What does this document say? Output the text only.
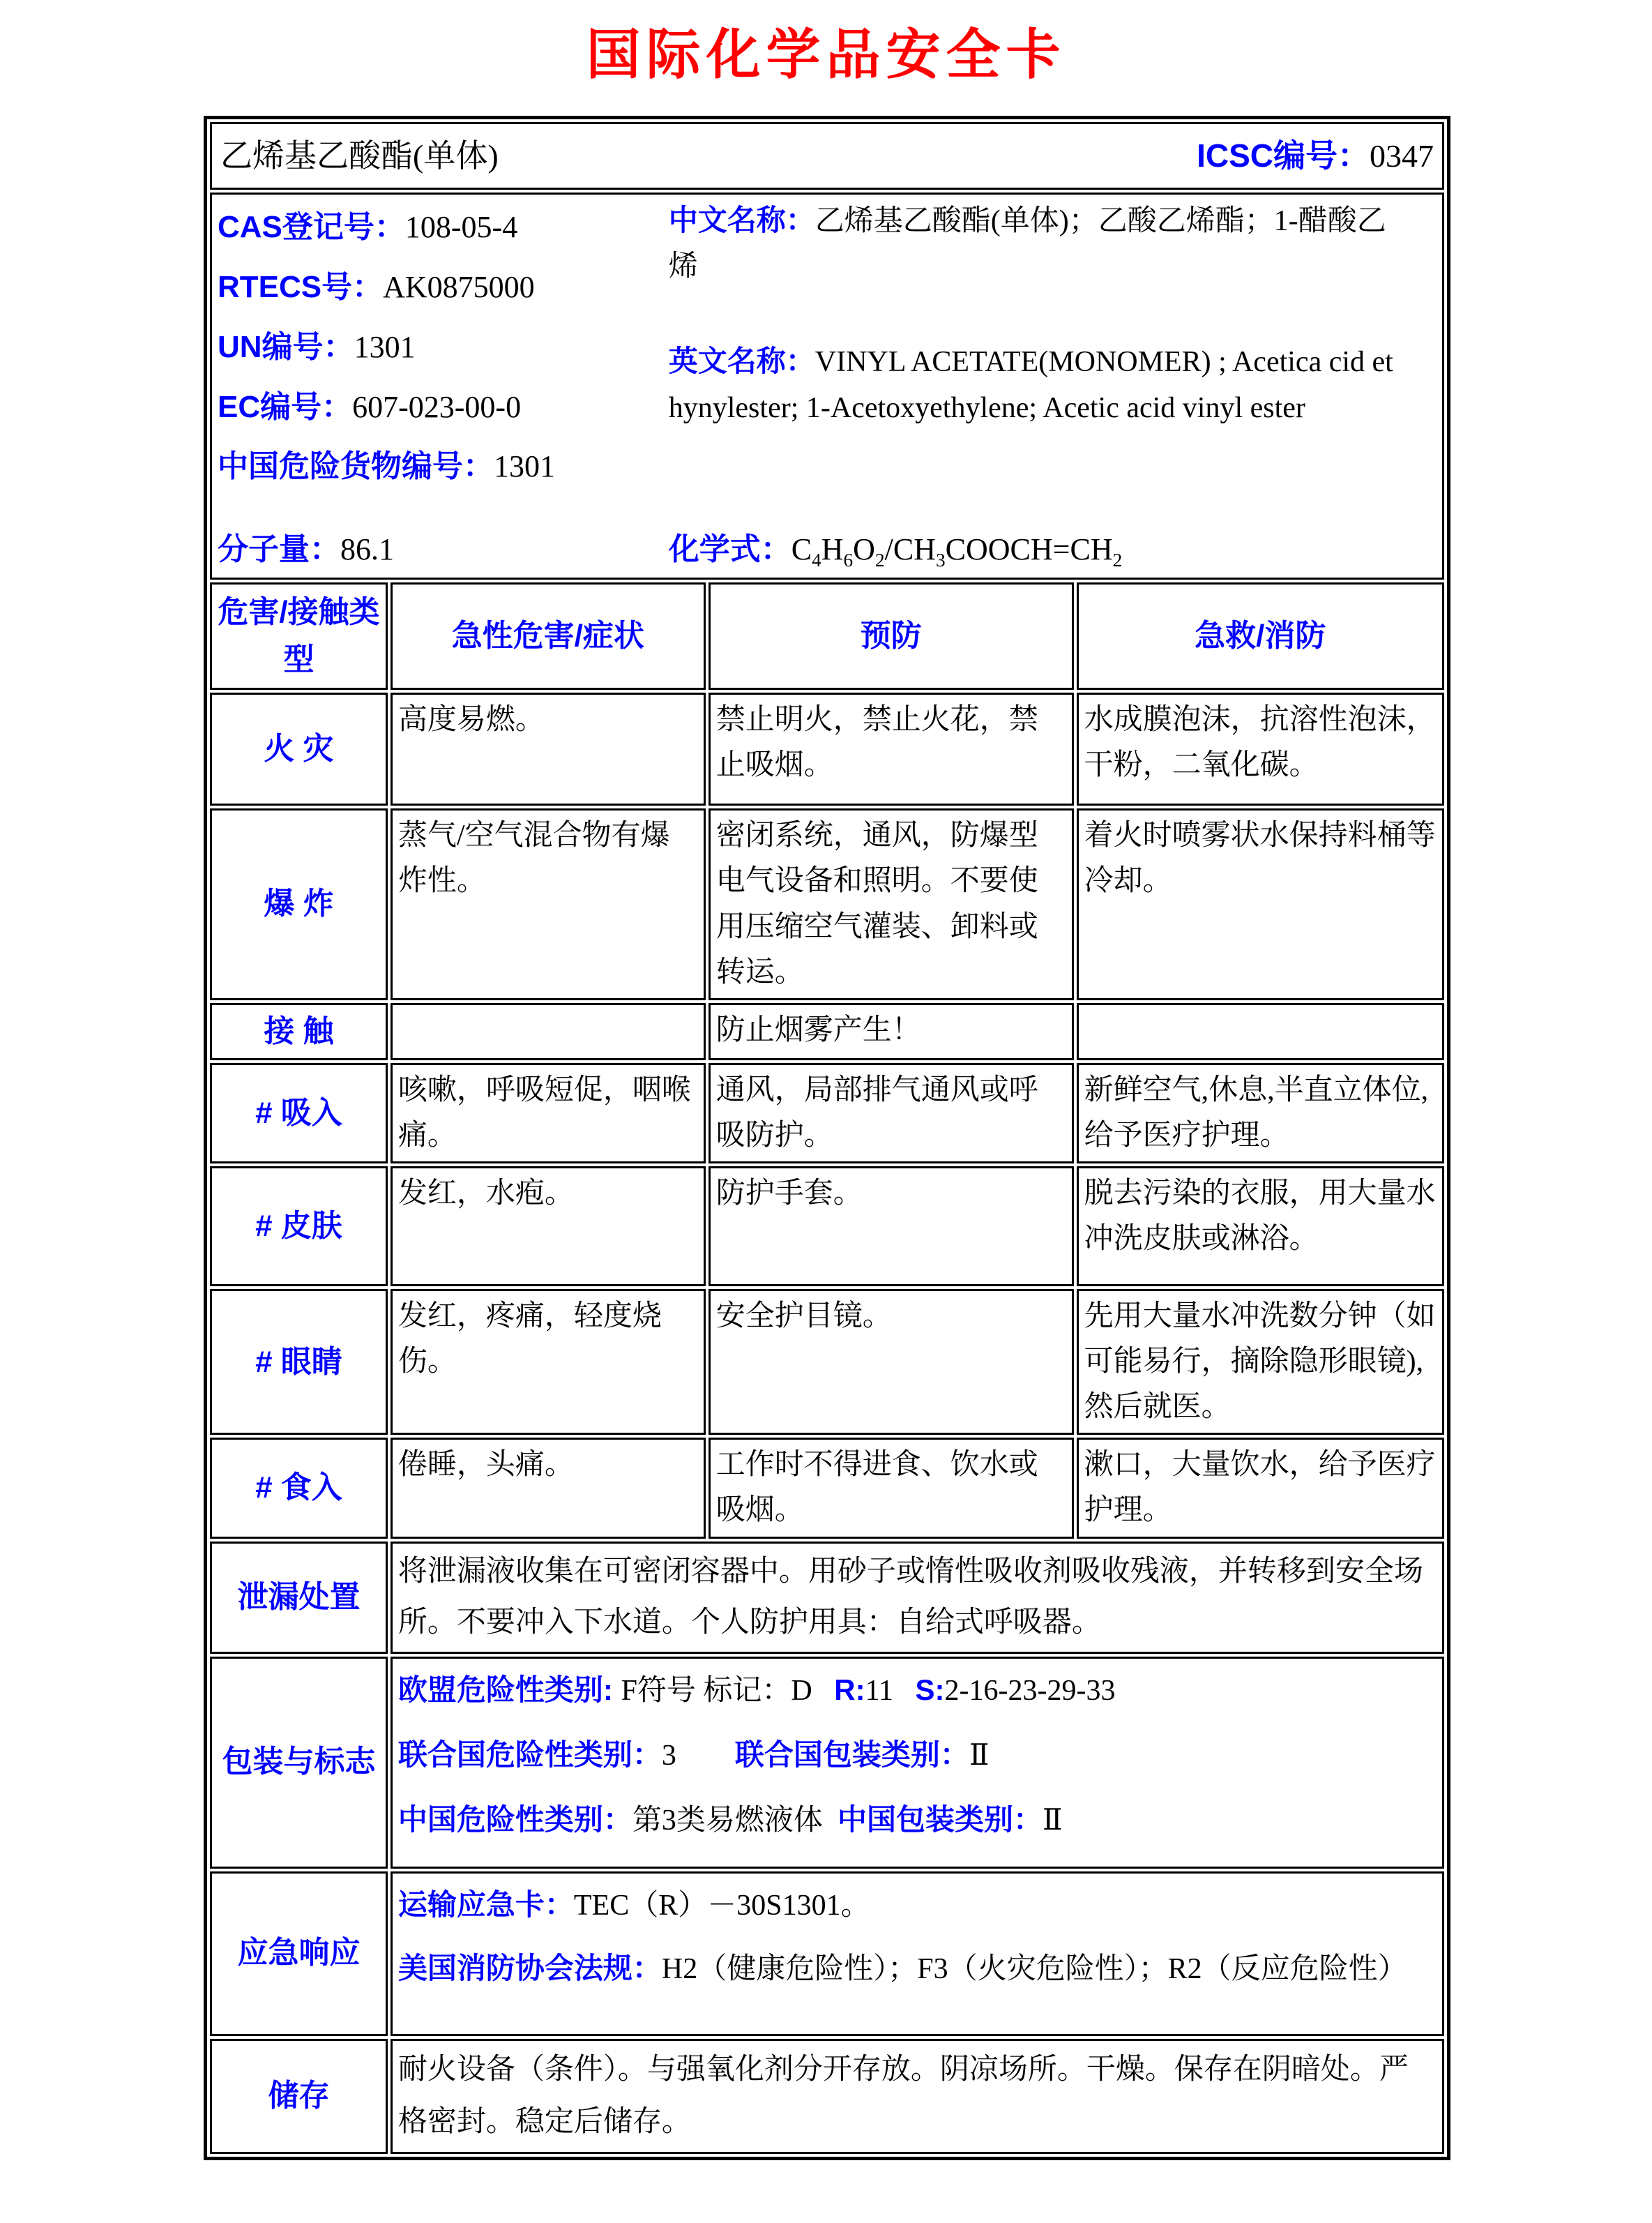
国际化学品安全卡
乙烯基乙酸酯(单体) ICSC编号：0347			

CAS登记号：108-05-4
RTECS号：AK0875000
UN编号：1301
EC编号：607-023-00-0
中国危险货物编号：1301
中文名称：乙烯基乙酸酯(单体)；乙酸乙烯酯；1-醋酸乙烯
英文名称：VINYL ACETATE(MONOMER) ; Acetica cid ethynylester; 1-Acetoxyethylene; Acetic acid vinyl ester
分子量：86.1	化学式：$C_4H_6O_2/CH_3COOCH=CH_2$

危害/接触类型	急性危害/症状	预防	急救/消防
火 灾	高度易燃。	禁止明火，禁止火花，禁止吸烟。	水成膜泡沫，抗溶性泡沫，干粉，二氧化碳。
爆 炸	蒸气/空气混合物有爆炸性。	密闭系统，通风，防爆型电气设备和照明。不要使用压缩空气灌装、卸料或转运。	着火时喷雾状水保持料桶等冷却。
接 触		防止烟雾产生！	
# 吸入	咳嗽，呼吸短促，咽喉痛。	通风，局部排气通风或呼吸防护。	新鲜空气,休息,半直立体位,给予医疗护理。
# 皮肤	发红，水疱。	防护手套。	脱去污染的衣服，用大量水冲洗皮肤或淋浴。
# 眼睛	发红，疼痛，轻度烧伤。	安全护目镜。	先用大量水冲洗数分钟（如可能易行，摘除隐形眼镜),然后就医。
# 食入	倦睡，头痛。	工作时不得进食、饮水或吸烟。	漱口，大量饮水，给予医疗护理。
泄漏处置	将泄漏液收集在可密闭容器中。用砂子或惰性吸收剂吸收残液，并转移到安全场所。不要冲入下水道。个人防护用具：自给式呼吸器。		

包装与标志	欧盟危险性类别: F符号 标记：D   R:11   S:2-16-23-29-33
联合国危险性类别：3        联合国包装类别：Ⅱ
中国危险性类别：第3类易燃液体  中国包装类别：Ⅱ		

应急响应	运输应急卡：TEC（R）－30S1301。
美国消防协会法规：H2（健康危险性）；F3（火灾危险性）；R2（反应危险性）		

储存	耐火设备（条件）。与强氧化剂分开存放。阴凉场所。干燥。保存在阴暗处。严格密封。稳定后储存。		
